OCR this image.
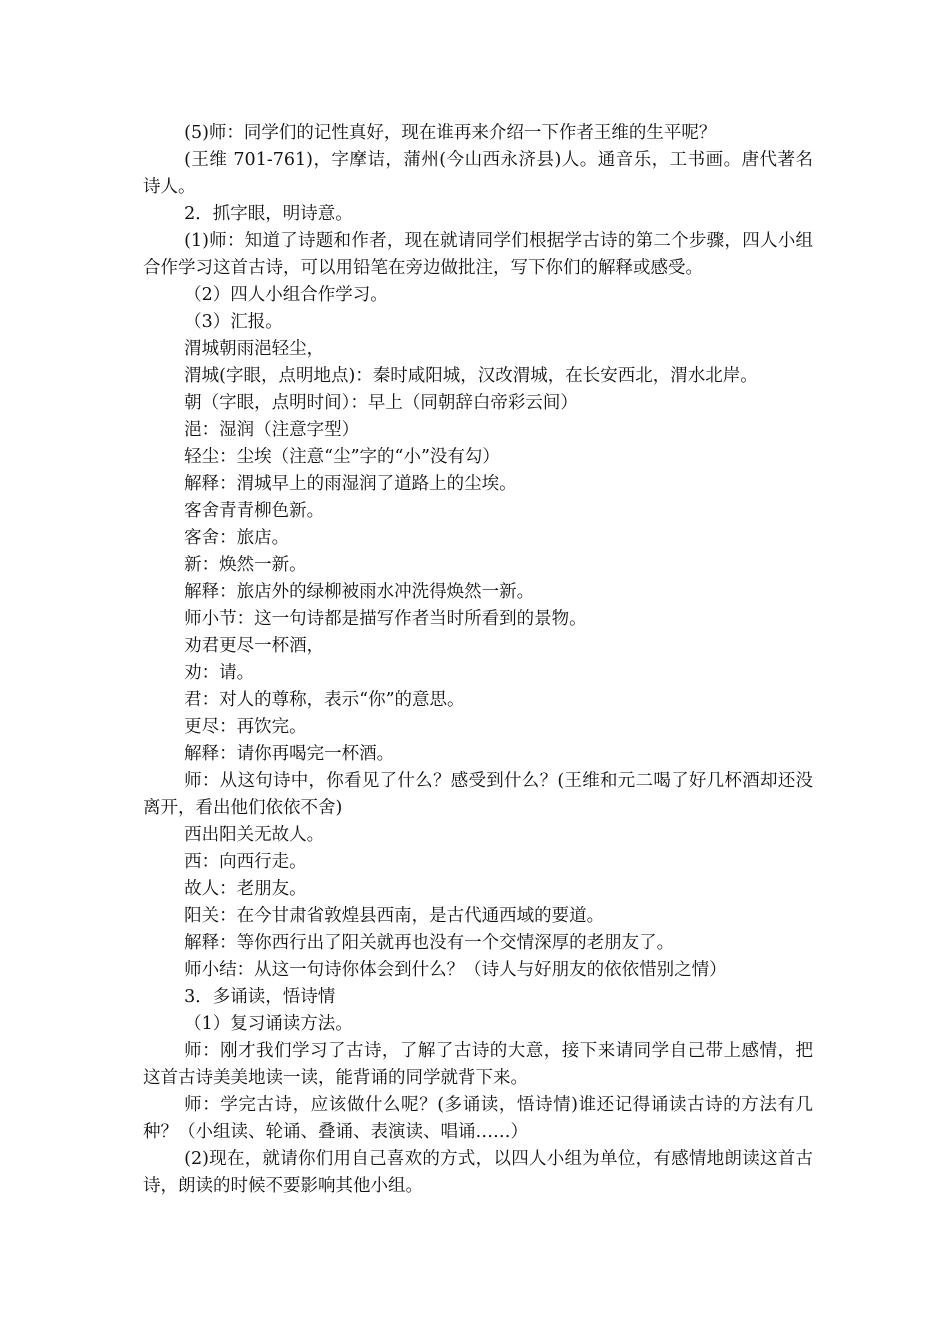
(5)师：同学们的记性真好，现在谁再来介绍一下作者王维的生平呢？

(王维 701-761)，字摩诘，蒲州(今山西永济县)人。通音乐，工书画。唐代著名诗人。

2．抓字眼，明诗意。

(1)师：知道了诗题和作者，现在就请同学们根据学古诗的第二个步骤，四人小组合作学习这首古诗，可以用铅笔在旁边做批注，写下你们的解释或感受。

（2）四人小组合作学习。

（3）汇报。

渭城朝雨浥轻尘，

渭城(字眼，点明地点)：秦时咸阳城，汉改渭城，在长安西北，渭水北岸。

朝（字眼，点明时间）：早上（同朝辞白帝彩云间）

浥：湿润（注意字型）

轻尘：尘埃（注意“尘”字的“小”没有勾）

解释：渭城早上的雨湿润了道路上的尘埃。

客舍青青柳色新。

客舍：旅店。

新：焕然一新。

解释：旅店外的绿柳被雨水冲洗得焕然一新。

师小节：这一句诗都是描写作者当时所看到的景物。

劝君更尽一杯酒，

劝：请。

君：对人的尊称，表示“你”的意思。

更尽：再饮完。

解释：请你再喝完一杯酒。

师：从这句诗中，你看见了什么？感受到什么？(王维和元二喝了好几杯酒却还没离开，看出他们依依不舍)

西出阳关无故人。

西：向西行走。

故人：老朋友。

阳关：在今甘肃省敦煌县西南，是古代通西域的要道。

解释：等你西行出了阳关就再也没有一个交情深厚的老朋友了。

师小结：从这一句诗你体会到什么？（诗人与好朋友的依依惜别之情）

3．多诵读，悟诗情

（1）复习诵读方法。

师：刚才我们学习了古诗，了解了古诗的大意，接下来请同学自己带上感情，把这首古诗美美地读一读，能背诵的同学就背下来。

师：学完古诗，应该做什么呢？(多诵读，悟诗情)谁还记得诵读古诗的方法有几种？（小组读、轮诵、叠诵、表演读、唱诵……）

(2)现在，就请你们用自己喜欢的方式，以四人小组为单位，有感情地朗读这首古诗，朗读的时候不要影响其他小组。
